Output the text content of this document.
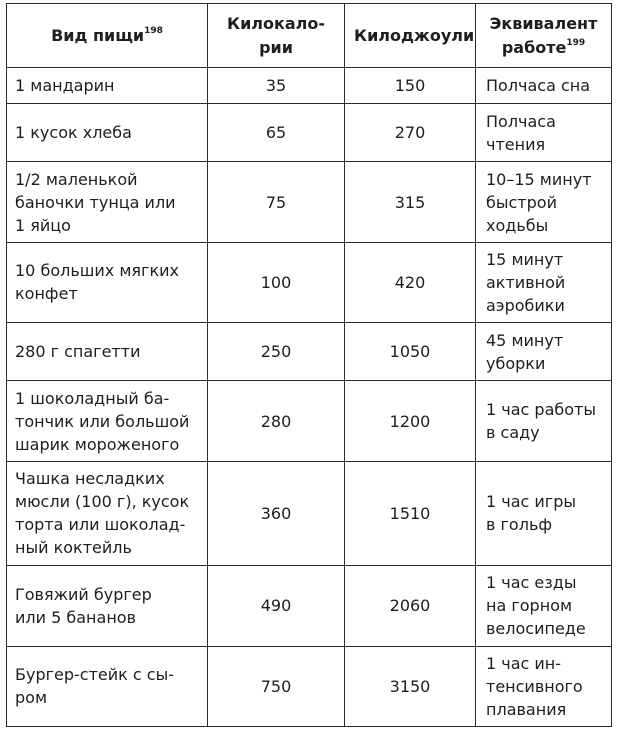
Вид пищи$^{198}$	Килокало-
рии	Килоджоули	Эквивалент
работе$^{199}$

1 мандарин	35	150	Полчаса сна

1 кусок хлеба	65	270	Полчаса
чтения

1/2 маленькой
баночки тунца или
1 яйцо	75	315	10–15 минут
быстрой
ходьбы

10 больших мягких
конфет	100	420	15 минут
активной
аэробики

280 г спагетти	250	1050	45 минут
уборки

1 шоколадный ба-
тончик или большой
шарик мороженого	280	1200	1 час работы
в саду

Чашка несладких
мюсли (100 г), кусок
торта или шоколад-
ный коктейль	360	1510	1 час игры
в гольф

Говяжий бургер
или 5 бананов	490	2060	1 час езды
на горном
велосипеде

Бургер-стейк с сы-
ром	750	3150	1 час ин-
тенсивного
плавания
